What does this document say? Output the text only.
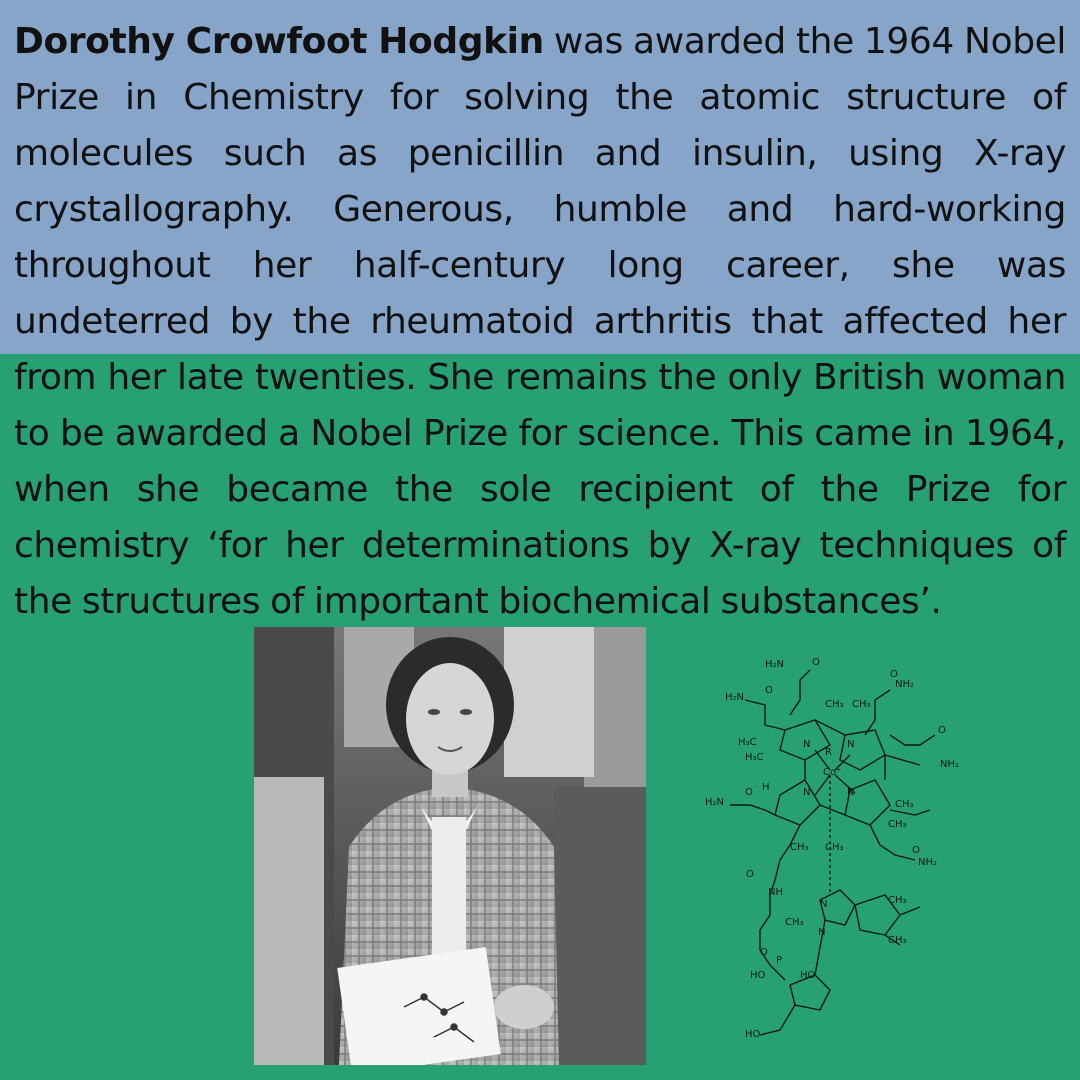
Dorothy Crowfoot Hodgkin was awarded the 1964 Nobel Prize in Chemistry for solving the atomic structure of molecules such as penicillin and insulin, using X-ray crystallography. Generous, humble and hard-working throughout her half-century long career, she was undeterred by the rheumatoid arthritis that affected her from her late twenties. She remains the only British woman to be awarded a Nobel Prize for science. This came in 1964, when she became the sole recipient of the Prize for chemistry ‘for her determinations by X-ray techniques of the structures of important biochemical substances’.

H₂N
NH₂
H₂N
CH₃ CH₃
H₃C
H₃C	R
Co⁺
NH₂
H
H₂N	CH₃
CH₃
CH₃ CH₃
NH₂
NH
CH₃
CH₃
CH₃
HO	HO
HO
N	N
N	N
N
N
O
O
O
O
O
O
O
O
P
